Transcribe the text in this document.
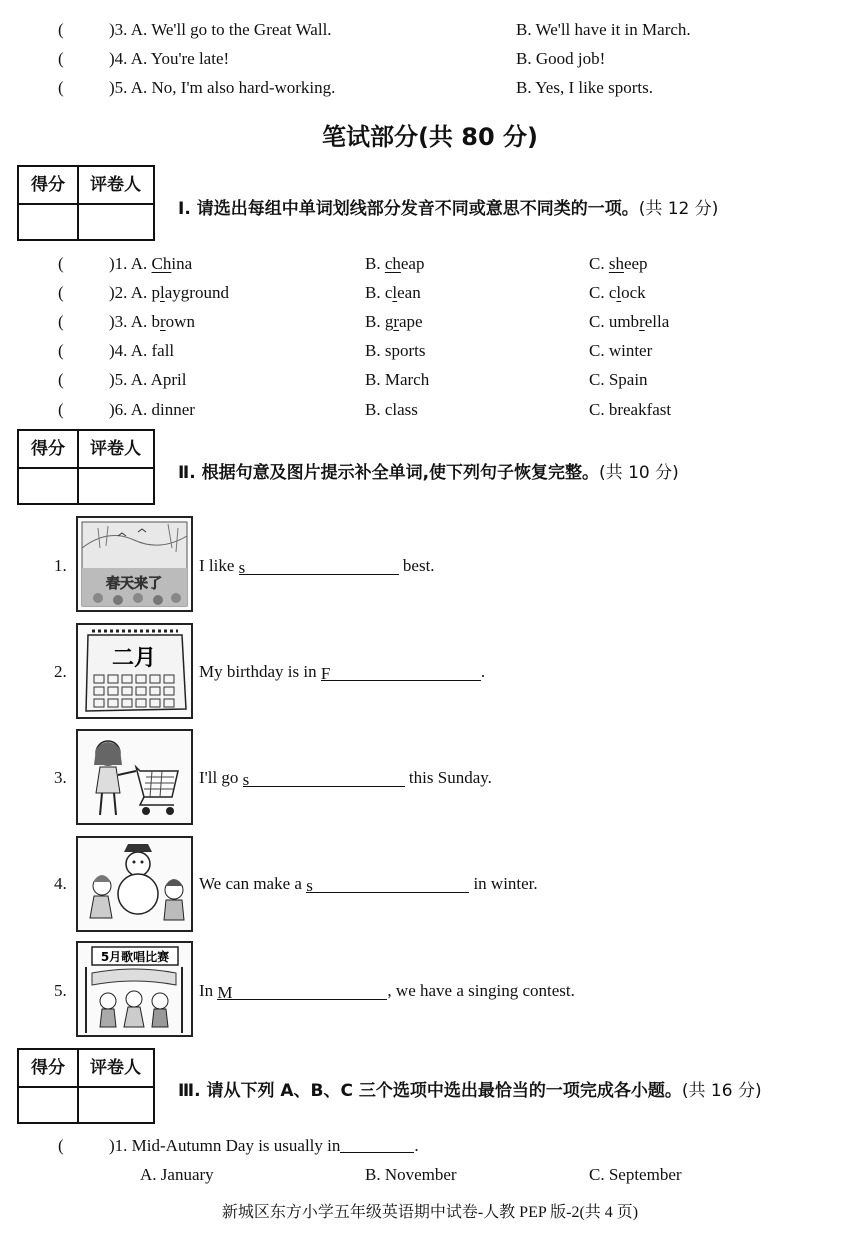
(	)3. A. We'll go to the Great Wall.	B. We'll have it in March.
(	)4. A. You're late!	B. Good job!
(	)5. A. No, I'm also hard-working.	B. Yes, I like sports.
笔试部分(共 80 分)
得分	评卷人
Ⅰ. 请选出每组中单词划线部分发音不同或意思不同类的一项。(共 12 分)
(	)1. A. China	B. cheap	C. sheep
(	)2. A. playground	B. clean	C. clock
(	)3. A. brown	B. grape	C. umbrella
(	)4. A. fall	B. sports	C. winter
(	)5. A. April	B. March	C. Spain
(	)6. A. dinner	B. class	C. breakfast
得分	评卷人
Ⅱ. 根据句意及图片提示补全单词,使下列句子恢复完整。(共 10 分)
春天来了
二月
5月歌唱比赛
1.	I like s	best.
2.	My birthday is in F	.
3.	I'll go s	this Sunday.
4.	We can make a s	in winter.
5.	In M	, we have a singing contest.
得分	评卷人
Ⅲ. 请从下列 A、B、C 三个选项中选出最恰当的一项完成各小题。(共 16 分)
(	)1. Mid-Autumn Day is usually in	.
A. January	B. November	C. September
新城区东方小学五年级英语期中试卷-人教 PEP 版-2(共 4 页)
